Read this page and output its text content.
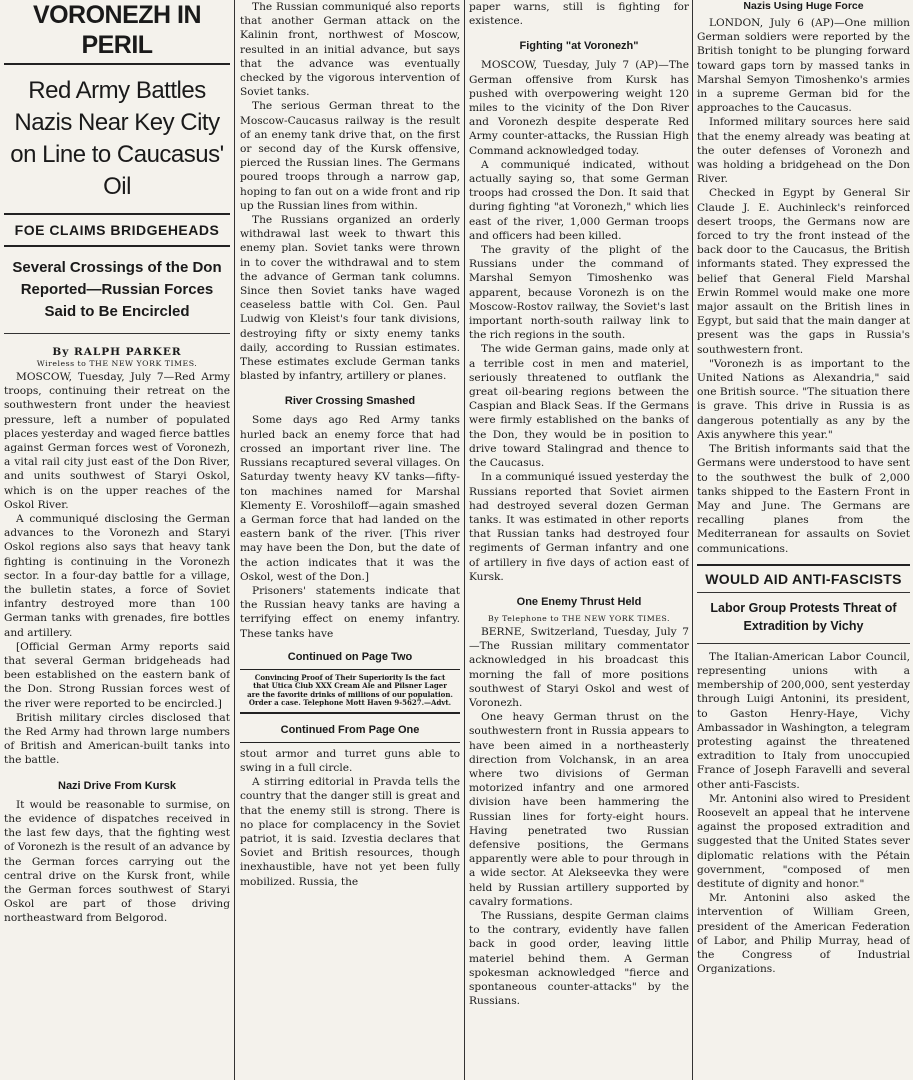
VORONEZH IN PERIL
Red Army Battles Nazis Near Key City on Line to Caucasus' Oil
FOE CLAIMS BRIDGEHEADS
Several Crossings of the Don Reported—Russian Forces Said to Be Encircled
By RALPH PARKER
Wireless to THE NEW YORK TIMES.

MOSCOW, Tuesday, July 7—Red Army troops, continuing their retreat on the southwestern front under the heaviest pressure, left a number of populated places yesterday and waged fierce battles against German forces west of Voronezh, a vital rail city just east of the Don River, and units southwest of Staryi Oskol, which is on the upper reaches of the Oskol River.

A communiqué disclosing the German advances to the Voronezh and Staryi Oskol regions also says that heavy tank fighting is continuing in the Voronezh sector. In a four-day battle for a village, the bulletin states, a force of Soviet infantry destroyed more than 100 German tanks with grenades, fire bottles and artillery.

[Official German Army reports said that several German bridgeheads had been established on the eastern bank of the Don. Strong Russian forces west of the river were reported to be encircled.]

British military circles disclosed that the Red Army had thrown large numbers of British and American-built tanks into the battle.

Nazi Drive From Kursk

It would be reasonable to surmise, on the evidence of dispatches received in the last few days, that the fighting west of Voronezh is the result of an advance by the German forces carrying out the central drive on the Kursk front, while the German forces southwest of Staryi Oskol are part of those driving northeastward from Belgorod.

The Russian communiqué also reports that another German attack on the Kalinin front, northwest of Moscow, resulted in an initial advance, but says that the advance was eventually checked by the vigorous intervention of Soviet tanks.

The serious German threat to the Moscow-Caucasus railway is the result of an enemy tank drive that, on the first or second day of the Kursk offensive, pierced the Russian lines. The Germans poured troops through a narrow gap, hoping to fan out on a wide front and rip up the Russian lines from within.

The Russians organized an orderly withdrawal last week to thwart this enemy plan. Soviet tanks were thrown in to cover the withdrawal and to stem the advance of German tank columns. Since then Soviet tanks have waged ceaseless battle with Col. Gen. Paul Ludwig von Kleist's four tank divisions, destroying fifty or sixty enemy tanks daily, according to Russian estimates. These estimates exclude German tanks blasted by infantry, artillery or planes.

River Crossing Smashed

Some days ago Red Army tanks hurled back an enemy force that had crossed an important river line. The Russians recaptured several villages. On Saturday twenty heavy KV tanks—fifty-ton machines named for Marshal Klementy E. Voroshiloff—again smashed a German force that had landed on the eastern bank of the river. [This river may have been the Don, but the date of the action indicates that it was the Oskol, west of the Don.]

Prisoners' statements indicate that the Russian heavy tanks are having a terrifying effect on enemy infantry. These tanks have

Continued on Page Two
Convincing Proof of Their Superiority Is the fact that Utica Club XXX Cream Ale and Pilsner Lager are the favorite drinks of millions of our population. Order a case. Telephone Mott Haven 9-5627.—Advt.
Continued From Page One

stout armor and turret guns able to swing in a full circle.

A stirring editorial in Pravda tells the country that the danger still is great and that the enemy still is strong. There is no place for complacency in the Soviet patriot, it is said. Izvestia declares that Soviet and British resources, though inexhaustible, have not yet been fully mobilized. Russia, the

paper warns, still is fighting for existence.

Fighting "at Voronezh"

MOSCOW, Tuesday, July 7 (AP)—The German offensive from Kursk has pushed with overpowering weight 120 miles to the vicinity of the Don River and Voronezh despite desperate Red Army counter-attacks, the Russian High Command acknowledged today.

A communiqué indicated, without actually saying so, that some German troops had crossed the Don. It said that during fighting "at Voronezh," which lies east of the river, 1,000 German troops and officers had been killed.

The gravity of the plight of the Russians under the command of Marshal Semyon Timoshenko was apparent, because Voronezh is on the Moscow-Rostov railway, the Soviet's last important north-south railway link to the rich regions in the south.

The wide German gains, made only at a terrible cost in men and materiel, seriously threatened to outflank the great oil-bearing regions between the Caspian and Black Seas. If the Germans were firmly established on the banks of the Don, they would be in position to drive toward Stalingrad and thence to the Caucasus.

In a communiqué issued yesterday the Russians reported that Soviet airmen had destroyed several dozen German tanks. It was estimated in other reports that Russian tanks had destroyed four regiments of German infantry and one of artillery in five days of action east of Kursk.

One Enemy Thrust Held
By Telephone to THE NEW YORK TIMES.

BERNE, Switzerland, Tuesday, July 7—The Russian military commentator acknowledged in his broadcast this morning the fall of more positions southwest of Staryi Oskol and west of Voronezh.

One heavy German thrust on the southwestern front in Russia appears to have been aimed in a northeasterly direction from Volchansk, in an area where two divisions of German motorized infantry and one armored division have been hammering the Russian lines for forty-eight hours. Having penetrated two Russian defensive positions, the Germans apparently were able to pour through in a wide sector. At Alekseevka they were held by Russian artillery supported by cavalry formations.

The Russians, despite German claims to the contrary, evidently have fallen back in good order, leaving little materiel behind them. A German spokesman acknowledged "fierce and spontaneous counter-attacks" by the Russians.

Nazis Using Huge Force

LONDON, July 6 (AP)—One million German soldiers were reported by the British tonight to be plunging forward toward gaps torn by massed tanks in Marshal Semyon Timoshenko's armies in a supreme German bid for the approaches to the Caucasus.

Informed military sources here said that the enemy already was beating at the outer defenses of Voronezh and was holding a bridgehead on the Don River.

Checked in Egypt by General Sir Claude J. E. Auchinleck's reinforced desert troops, the Germans now are forced to try the front instead of the back door to the Caucasus, the British informants stated. They expressed the belief that General Field Marshal Erwin Rommel would make one more major assault on the British lines in Egypt, but said that the main danger at present was the gaps in Russia's southwestern front.

"Voronezh is as important to the United Nations as Alexandria," said one British source. "The situation there is grave. This drive in Russia is as dangerous potentially as any by the Axis anywhere this year."

The British informants said that the Germans were understood to have sent to the southwest the bulk of 2,000 tanks shipped to the Eastern Front in May and June. The Germans are recalling planes from the Mediterranean for assaults on Soviet communications.

WOULD AID ANTI-FASCISTS
Labor Group Protests Threat of Extradition by Vichy

The Italian-American Labor Council, representing unions with a membership of 200,000, sent yesterday through Luigi Antonini, its president, to Gaston Henry-Haye, Vichy Ambassador in Washington, a telegram protesting against the threatened extradition to Italy from unoccupied France of Joseph Faravelli and several other anti-Fascists.

Mr. Antonini also wired to President Roosevelt an appeal that he intervene against the proposed extradition and suggested that the United States sever diplomatic relations with the Pétain government, "composed of men destitute of dignity and honor."

Mr. Antonini also asked the intervention of William Green, president of the American Federation of Labor, and Philip Murray, head of the Congress of Industrial Organizations.
